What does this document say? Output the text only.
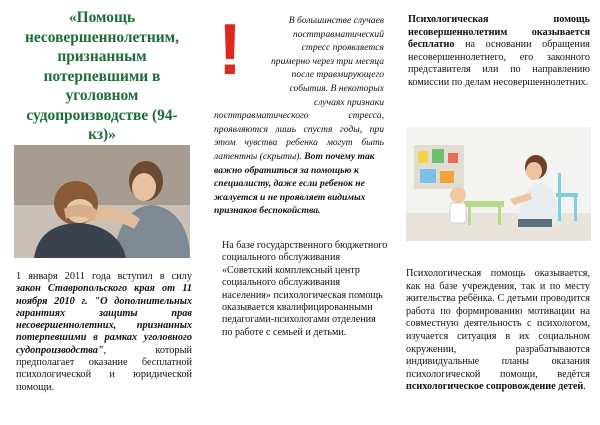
«Помощь несовершеннолетним, признанным потерпевшими в уголовном судопроизводстве (94-кз)»
1 января 2011 года вступил в силу закон Ставропольского края от 11 ноября 2010 г. "О дополнительных гарантиях защиты прав несовершеннолетних, признанных потерпевшими в рамках уголовного судопроизводства", который предполагает оказание бесплатной психологической и юридической помощи.
!	В большинстве случаев
посттравматический
стресс проявляется
примерно через три месяца
после травмирующего
события. В некоторых
случаях признаки
посттравматического стресса,
проявляются лишь спустя годы, при
этом чувства ребенка могут быть
латентны (скрыты). Вот почему так важно обратиться за помощью к специалисту, даже если ребенок не жалуется и не проявляет видимых признаков беспокойства.
На базе государственного бюджетного социального обслуживания «Советский комплексный центр социального обслуживания населения» психологическая помощь оказывается квалифицированными педагогами-психологами отделения по работе с семьей и детьми.
Психологическая помощь несовершеннолетним оказывается бесплатно на основании обращения несовершеннолетнего, его законного представителя или по направлению комиссии по делам несовершеннолетних.
Психологическая помощь оказывается, как на базе учреждения, так и по месту жительства ребёнка. С детьми проводится работа по формированию мотивации на совместную деятельность с психологом, изучается ситуация в их социальном окружении, разрабатываются индивидуальные планы оказания психологической помощи, ведётся психологическое сопровождение детей.
